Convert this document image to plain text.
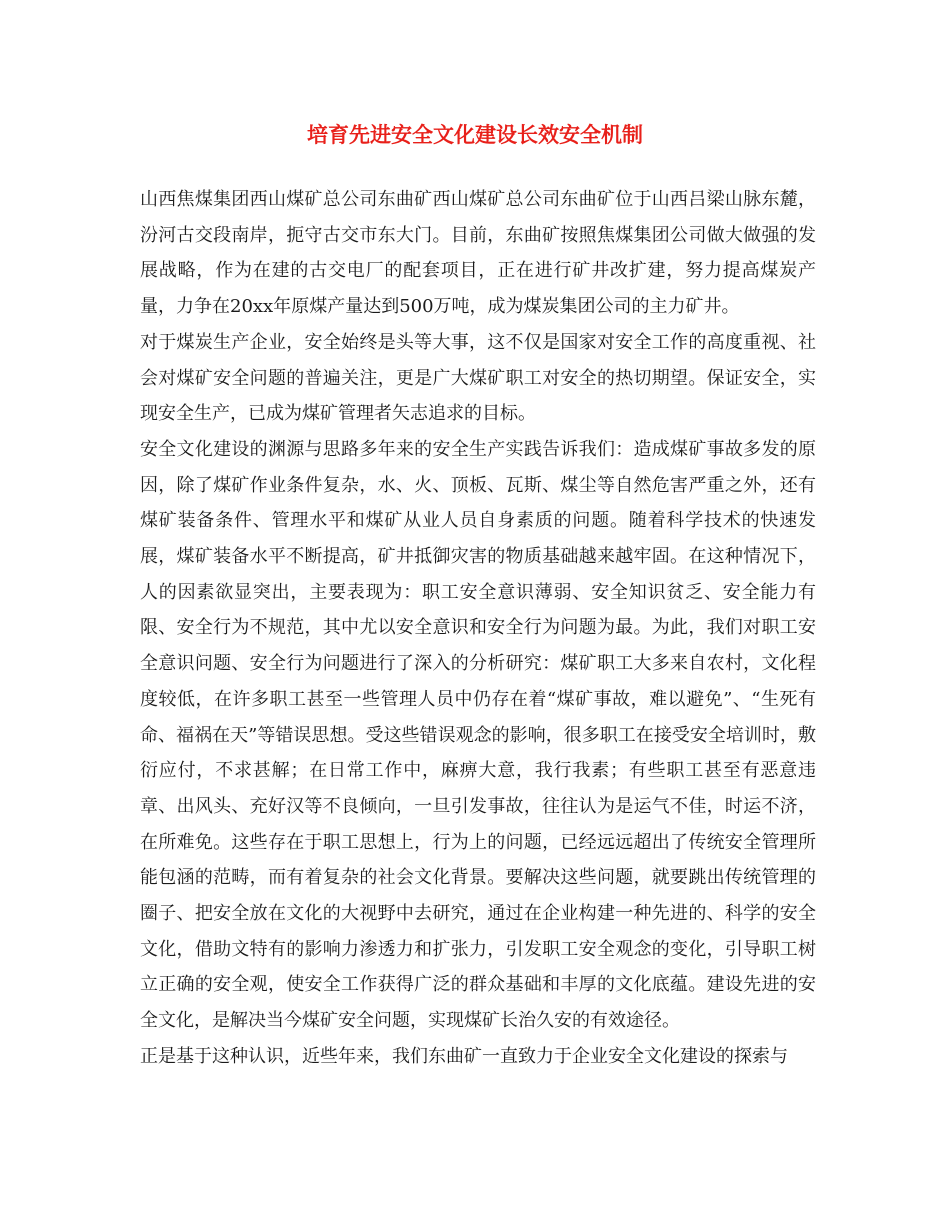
培育先进安全文化建设长效安全机制

山西焦煤集团西山煤矿总公司东曲矿西山煤矿总公司东曲矿位于山西吕梁山脉东麓，汾河古交段南岸，扼守古交市东大门。目前，东曲矿按照焦煤集团公司做大做强的发展战略，作为在建的古交电厂的配套项目，正在进行矿井改扩建，努力提高煤炭产量，力争在20xx年原煤产量达到500万吨，成为煤炭集团公司的主力矿井。

对于煤炭生产企业，安全始终是头等大事，这不仅是国家对安全工作的高度重视、社会对煤矿安全问题的普遍关注，更是广大煤矿职工对安全的热切期望。保证安全，实现安全生产，已成为煤矿管理者矢志追求的目标。

安全文化建设的渊源与思路多年来的安全生产实践告诉我们：造成煤矿事故多发的原因，除了煤矿作业条件复杂，水、火、顶板、瓦斯、煤尘等自然危害严重之外，还有煤矿装备条件、管理水平和煤矿从业人员自身素质的问题。随着科学技术的快速发展，煤矿装备水平不断提高，矿井抵御灾害的物质基础越来越牢固。在这种情况下，人的因素欲显突出，主要表现为：职工安全意识薄弱、安全知识贫乏、安全能力有限、安全行为不规范，其中尤以安全意识和安全行为问题为最。为此，我们对职工安全意识问题、安全行为问题进行了深入的分析研究：煤矿职工大多来自农村，文化程度较低，在许多职工甚至一些管理人员中仍存在着“煤矿事故，难以避免”、“生死有命、福祸在天”等错误思想。受这些错误观念的影响，很多职工在接受安全培训时，敷衍应付，不求甚解；在日常工作中，麻痹大意，我行我素；有些职工甚至有恶意违章、出风头、充好汉等不良倾向，一旦引发事故，往往认为是运气不佳，时运不济，在所难免。这些存在于职工思想上，行为上的问题，已经远远超出了传统安全管理所能包涵的范畴，而有着复杂的社会文化背景。要解决这些问题，就要跳出传统管理的圈子、把安全放在文化的大视野中去研究，通过在企业构建一种先进的、科学的安全文化，借助文特有的影响力渗透力和扩张力，引发职工安全观念的变化，引导职工树立正确的安全观，使安全工作获得广泛的群众基础和丰厚的文化底蕴。建设先进的安全文化，是解决当今煤矿安全问题，实现煤矿长治久安的有效途径。

正是基于这种认识，近些年来，我们东曲矿一直致力于企业安全文化建设的探索与
